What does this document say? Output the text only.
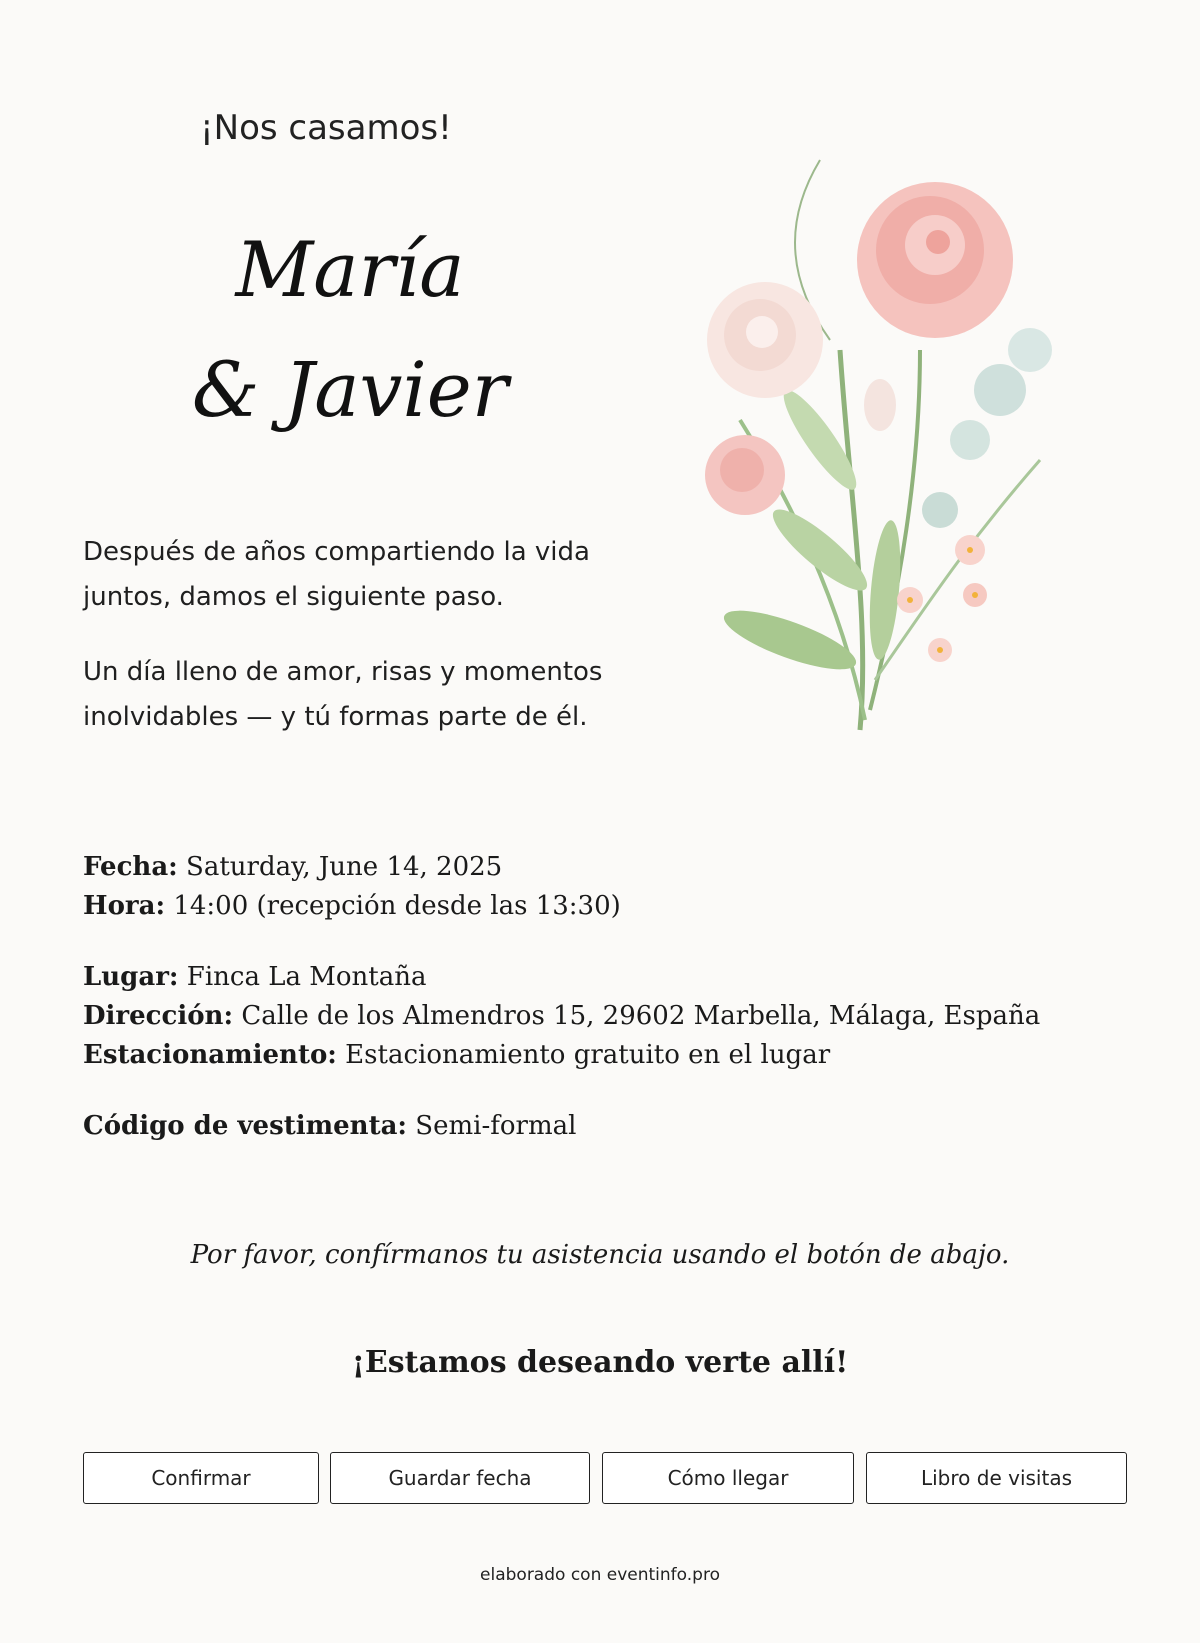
¡Nos casamos!
María
& Javier

Después de años compartiendo la vida juntos, damos el siguiente paso.

Un día lleno de amor, risas y momentos inolvidables — y tú formas parte de él.

Fecha: Saturday, June 14, 2025
Hora: 14:00 (recepción desde las 13:30)
Lugar: Finca La Montaña
Dirección: Calle de los Almendros 15, 29602 Marbella, Málaga, España
Estacionamiento: Estacionamiento gratuito en el lugar
Código de vestimenta: Semi-formal
Por favor, confírmanos tu asistencia usando el botón de abajo.
¡Estamos deseando verte allí!
Confirmar	Guardar fecha	Cómo llegar	Libro de visitas
elaborado con eventinfo.pro
